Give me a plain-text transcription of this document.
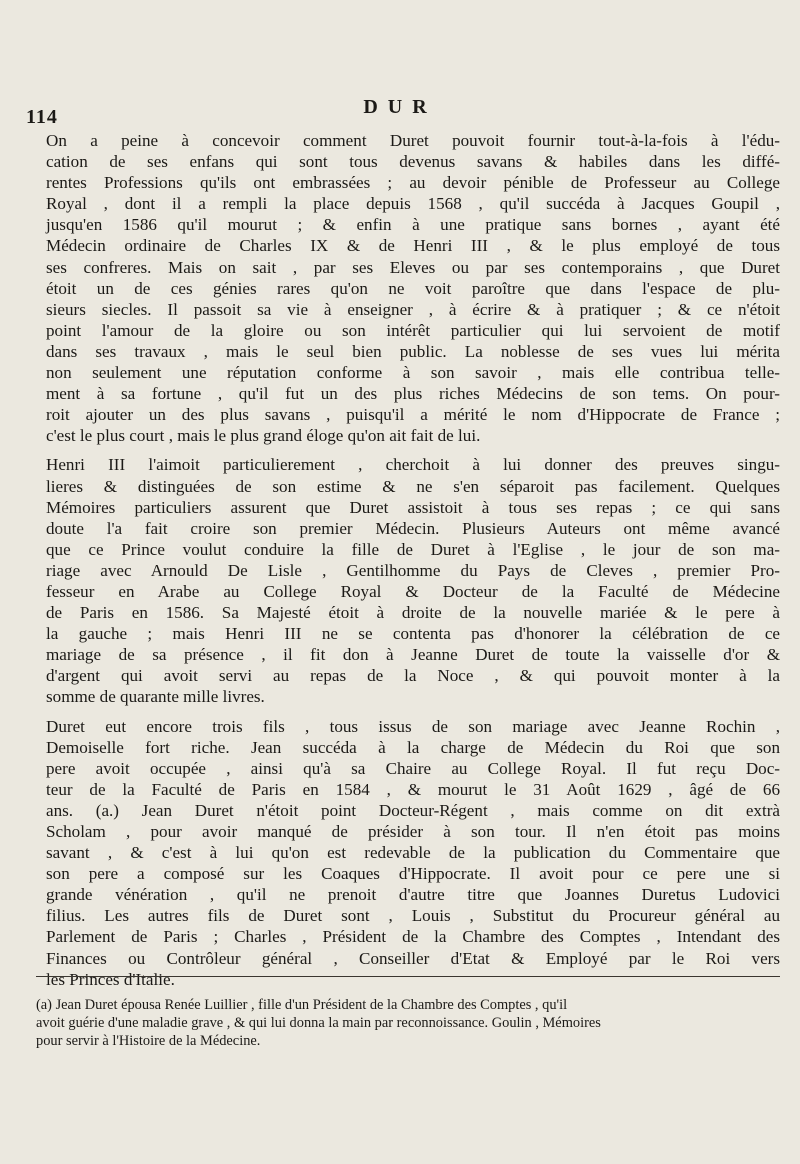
114	DUR
On a peine à concevoir comment Duret pouvoit fournir tout-à-la-fois à l'édu-
cation de ses enfans qui sont tous devenus savans & habiles dans les diffé-
rentes Professions qu'ils ont embrassées ; au devoir pénible de Professeur au College
Royal , dont il a rempli la place depuis 1568 , qu'il succéda à Jacques Goupil ,
jusqu'en 1586 qu'il mourut ; & enfin à une pratique sans bornes , ayant été
Médecin ordinaire de Charles IX & de Henri III , & le plus employé de tous
ses confreres. Mais on sait , par ses Eleves ou par ses contemporains , que Duret
étoit un de ces génies rares qu'on ne voit paroître que dans l'espace de plu-
sieurs siecles. Il passoit sa vie à enseigner , à écrire & à pratiquer ; & ce n'étoit
point l'amour de la gloire ou son intérêt particulier qui lui servoient de motif
dans ses travaux , mais le seul bien public. La noblesse de ses vues lui mérita
non seulement une réputation conforme à son savoir , mais elle contribua telle-
ment à sa fortune , qu'il fut un des plus riches Médecins de son tems. On pour-
roit ajouter un des plus savans , puisqu'il a mérité le nom d'Hippocrate de France ;
c'est le plus court , mais le plus grand éloge qu'on ait fait de lui.
Henri III l'aimoit particulierement , cherchoit à lui donner des preuves singu-
lieres & distinguées de son estime & ne s'en séparoit pas facilement. Quelques
Mémoires particuliers assurent que Duret assistoit à tous ses repas ; ce qui sans
doute l'a fait croire son premier Médecin. Plusieurs Auteurs ont même avancé
que ce Prince voulut conduire la fille de Duret à l'Eglise , le jour de son ma-
riage avec Arnould De Lisle , Gentilhomme du Pays de Cleves , premier Pro-
fesseur en Arabe au College Royal & Docteur de la Faculté de Médecine
de Paris en 1586. Sa Majesté étoit à droite de la nouvelle mariée & le pere à
la gauche ; mais Henri III ne se contenta pas d'honorer la célébration de ce
mariage de sa présence , il fit don à Jeanne Duret de toute la vaisselle d'or &
d'argent qui avoit servi au repas de la Noce , & qui pouvoit monter à la
somme de quarante mille livres.
Duret eut encore trois fils , tous issus de son mariage avec Jeanne Rochin ,
Demoiselle fort riche. Jean succéda à la charge de Médecin du Roi que son
pere avoit occupée , ainsi qu'à sa Chaire au College Royal. Il fut reçu Doc-
teur de la Faculté de Paris en 1584 , & mourut le 31 Août 1629 , âgé de 66
ans. (a.) Jean Duret n'étoit point Docteur-Régent , mais comme on dit extrà
Scholam , pour avoir manqué de présider à son tour. Il n'en étoit pas moins
savant , & c'est à lui qu'on est redevable de la publication du Commentaire que
son pere a composé sur les Coaques d'Hippocrate. Il avoit pour ce pere une si
grande vénération , qu'il ne prenoit d'autre titre que Joannes Duretus Ludovici
filius. Les autres fils de Duret sont , Louis , Substitut du Procureur général au
Parlement de Paris ; Charles , Président de la Chambre des Comptes , Intendant des
Finances ou Contrôleur général , Conseiller d'Etat & Employé par le Roi vers
les Princes d'Italie.
(a) Jean Duret épousa Renée Luillier , fille d'un Président de la Chambre des Comptes , qu'il
avoit guérie d'une maladie grave , & qui lui donna la main par reconnoissance. Goulin , Mémoires
pour servir à l'Histoire de la Médecine.
